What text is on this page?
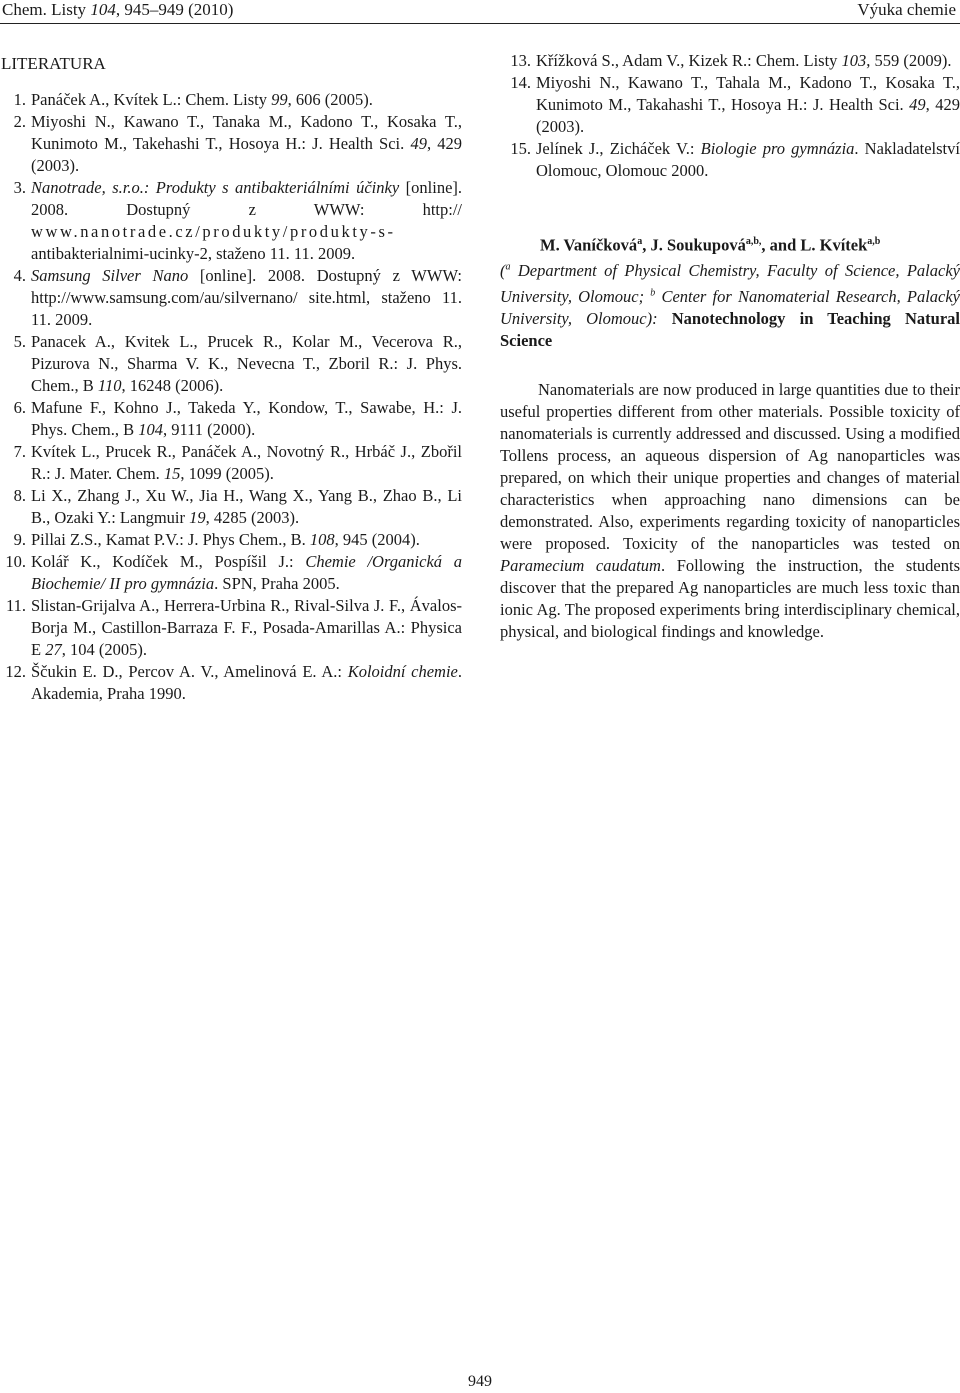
Chem. Listy 104, 945–949 (2010)	Výuka chemie
LITERATURA
1. Panáček A., Kvítek L.: Chem. Listy 99, 606 (2005).
2. Miyoshi N., Kawano T., Tanaka M., Kadono T., Kosaka T., Kunimoto M., Takehashi T., Hosoya H.: J. Health Sci. 49, 429 (2003).
3. Nanotrade, s.r.o.: Produkty s antibakteriálními účinky [online]. 2008. Dostupný z WWW: http:// www.nanotrade.cz/produkty/produkty-s-antibakterialnimi-ucinky-2, staženo 11. 11. 2009.
4. Samsung Silver Nano [online]. 2008. Dostupný z WWW: http://www.samsung.com/au/silvernano/ site.html, staženo 11. 11. 2009.
5. Panacek A., Kvitek L., Prucek R., Kolar M., Vecerova R., Pizurova N., Sharma V. K., Nevecna T., Zboril R.: J. Phys. Chem., B 110, 16248 (2006).
6. Mafune F., Kohno J., Takeda Y., Kondow, T., Sawabe, H.: J. Phys. Chem., B 104, 9111 (2000).
7. Kvítek L., Prucek R., Panáček A., Novotný R., Hrbáč J., Zbořil R.: J. Mater. Chem. 15, 1099 (2005).
8. Li X., Zhang J., Xu W., Jia H., Wang X., Yang B., Zhao B., Li B., Ozaki Y.: Langmuir 19, 4285 (2003).
9. Pillai Z.S., Kamat P.V.: J. Phys Chem., B. 108, 945 (2004).
10. Kolář K., Kodíček M., Pospíšil J.: Chemie /Organická a Biochemie/ II pro gymnázia. SPN, Praha 2005.
11. Slistan-Grijalva A., Herrera-Urbina R., Rival-Silva J. F., Ávalos-Borja M., Castillon-Barraza F. F., Posada-Amarillas A.: Physica E 27, 104 (2005).
12. Ščukin E. D., Percov A. V., Amelinová E. A.: Koloidní chemie. Akademia, Praha 1990.
13. Křížková S., Adam V., Kizek R.: Chem. Listy 103, 559 (2009).
14. Miyoshi N., Kawano T., Tahala M., Kadono T., Kosaka T., Kunimoto M., Takahashi T., Hosoya H.: J. Health Sci. 49, 429 (2003).
15. Jelínek J., Zicháček V.: Biologie pro gymnázia. Nakladatelství Olomouc, Olomouc 2000.
M. Vaníčková$^a$, J. Soukupová$^{a,b,}$, and L. Kvítek$^{a,b}$
($^a$ Department of Physical Chemistry, Faculty of Science, Palacký University, Olomouc; $^b$ Center for Nanomaterial Research, Palacký University, Olomouc): Nanotechnology in Teaching Natural Science
Nanomaterials are now produced in large quantities due to their useful properties different from other materials. Possible toxicity of nanomaterials is currently addressed and discussed. Using a modified Tollens process, an aqueous dispersion of Ag nanoparticles was prepared, on which their unique properties and changes of material characteristics when approaching nano dimensions can be demonstrated. Also, experiments regarding toxicity of nanoparticles were proposed. Toxicity of the nanoparticles was tested on Paramecium caudatum. Following the instruction, the students discover that the prepared Ag nanoparticles are much less toxic than ionic Ag. The proposed experiments bring interdisciplinary chemical, physical, and biological findings and knowledge.
949
